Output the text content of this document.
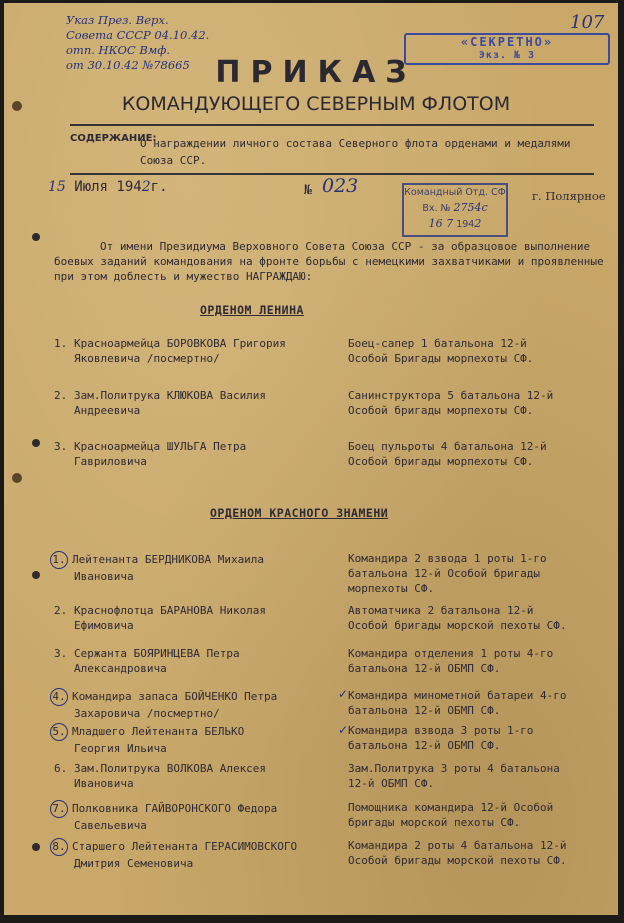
Указ През. Верх.
Совета СССР 04.10.42.
отп. НКОС Вмф.
от 30.10.42 №78665
107
«СЕКРЕТНО»
Экз. № 3
ПРИКАЗ
КОМАНДУЮЩЕГО СЕВЕРНЫМ ФЛОТОМ
СОДЕРЖАНИЕ:
О награждении личного состава Северного флота орденами и медалями Союза ССР.
15 Июля 1942г.	№ 023	Командный Отд. СФ
Вх. № 2754с
16 7 1942
г. Полярное
От имени Президиума Верховного Совета Союза ССР - за образцовое выполнение боевых заданий командования на фронте борьбы с немецкими захватчиками и проявленные при этом доблесть и мужество НАГРАЖДАЮ:
ОРДЕНОМ ЛЕНИНА
1. Красноармейца БОРОВКОВА Григория
Яковлевича /посмертно/
Боец-сапер 1 батальона 12-й
Особой Бригады морпехоты СФ.
2. Зам.Политрука КЛЮКОВА Василия
Андреевича
Санинструктора 5 батальона 12-й
Особой бригады морпехоты СФ.
3. Красноармейца ШУЛЬГА Петра
Гавриловича
Боец пульроты 4 батальона 12-й
Особой бригады морпехоты СФ.
ОРДЕНОМ КРАСНОГО ЗНАМЕНИ
1. Лейтенанта БЕРДНИКОВА Михаила
Ивановича
Командира 2 взвода 1 роты 1-го
батальона 12-й Особой бригады
морпехоты СФ.
2. Краснофлотца БАРАНОВА Николая
Ефимовича
Автоматчика 2 батальона 12-й
Особой бригады морской пехоты СФ.
3. Сержанта БОЯРИНЦЕВА Петра
Александровича
Командира отделения 1 роты 4-го
батальона 12-й ОБМП СФ.
4. Командира запаса БОЙЧЕНКО Петра
Захаровича /посмертно/
✓ Командира минометной батареи 4-го
батальона 12-й ОБМП СФ.
5. Младшего Лейтенанта БЕЛЬКО
Георгия Ильича
✓ Командира взвода 3 роты 1-го
батальона 12-й ОБМП СФ.
6. Зам.Политрука ВОЛКОВА Алексея
Ивановича
Зам.Политрука 3 роты 4 батальона
12-й ОБМП СФ.
7. Полковника ГАЙВОРОНСКОГО Федора
Савельевича
Помощника командира 12-й Особой
бригады морской пехоты СФ.
8. Старшего Лейтенанта ГЕРАСИМОВСКОГО
Дмитрия Семеновича
Командира 2 роты 4 батальона 12-й
Особой бригады морской пехоты СФ.
